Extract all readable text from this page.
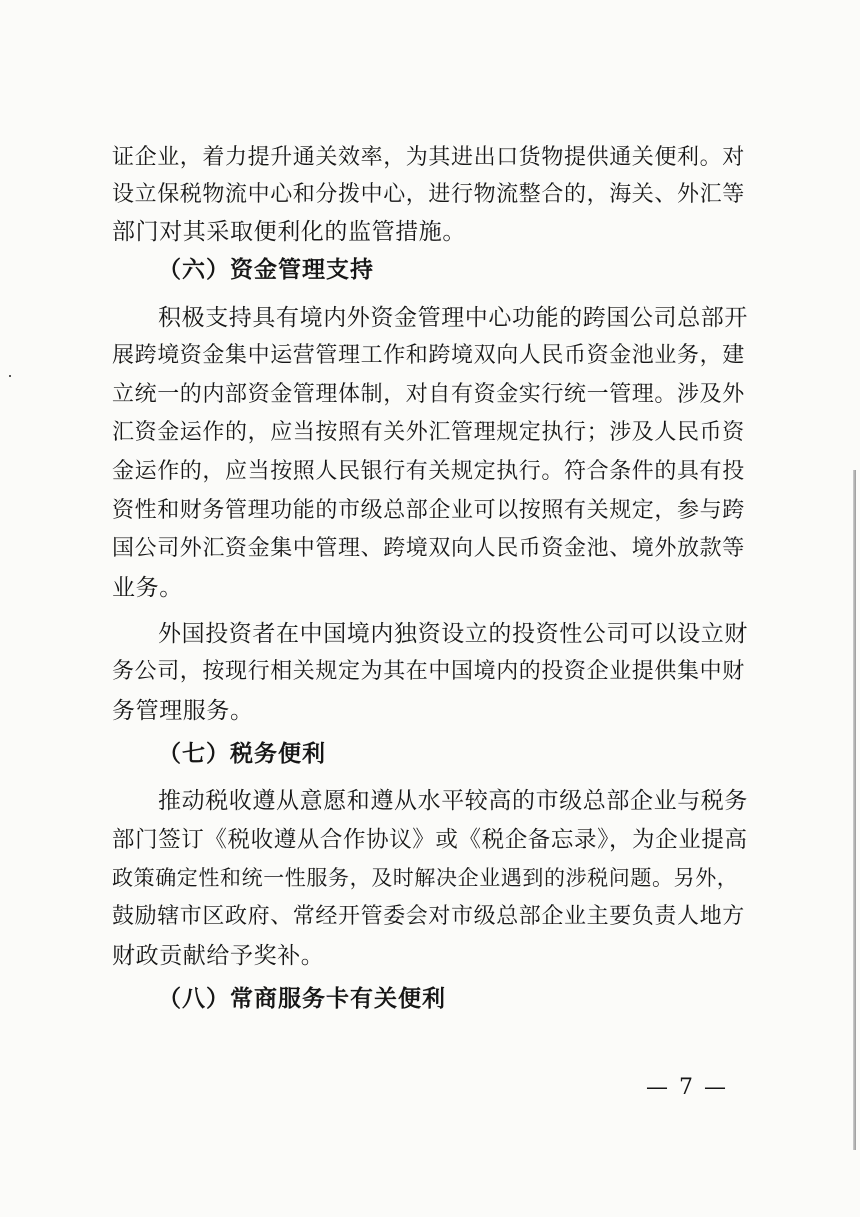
证企业，着力提升通关效率，为其进出口货物提供通关便利。对
设立保税物流中心和分拨中心，进行物流整合的，海关、外汇等
部门对其采取便利化的监管措施。
（六）资金管理支持
积极支持具有境内外资金管理中心功能的跨国公司总部开
展跨境资金集中运营管理工作和跨境双向人民币资金池业务，建
立统一的内部资金管理体制，对自有资金实行统一管理。涉及外
汇资金运作的，应当按照有关外汇管理规定执行；涉及人民币资
金运作的，应当按照人民银行有关规定执行。符合条件的具有投
资性和财务管理功能的市级总部企业可以按照有关规定，参与跨
国公司外汇资金集中管理、跨境双向人民币资金池、境外放款等
业务。
外国投资者在中国境内独资设立的投资性公司可以设立财
务公司，按现行相关规定为其在中国境内的投资企业提供集中财
务管理服务。
（七）税务便利
推动税收遵从意愿和遵从水平较高的市级总部企业与税务
部门签订《税收遵从合作协议》或《税企备忘录》，为企业提高
政策确定性和统一性服务，及时解决企业遇到的涉税问题。另外，
鼓励辖市区政府、常经开管委会对市级总部企业主要负责人地方
财政贡献给予奖补。
（八）常商服务卡有关便利
— 7 —
